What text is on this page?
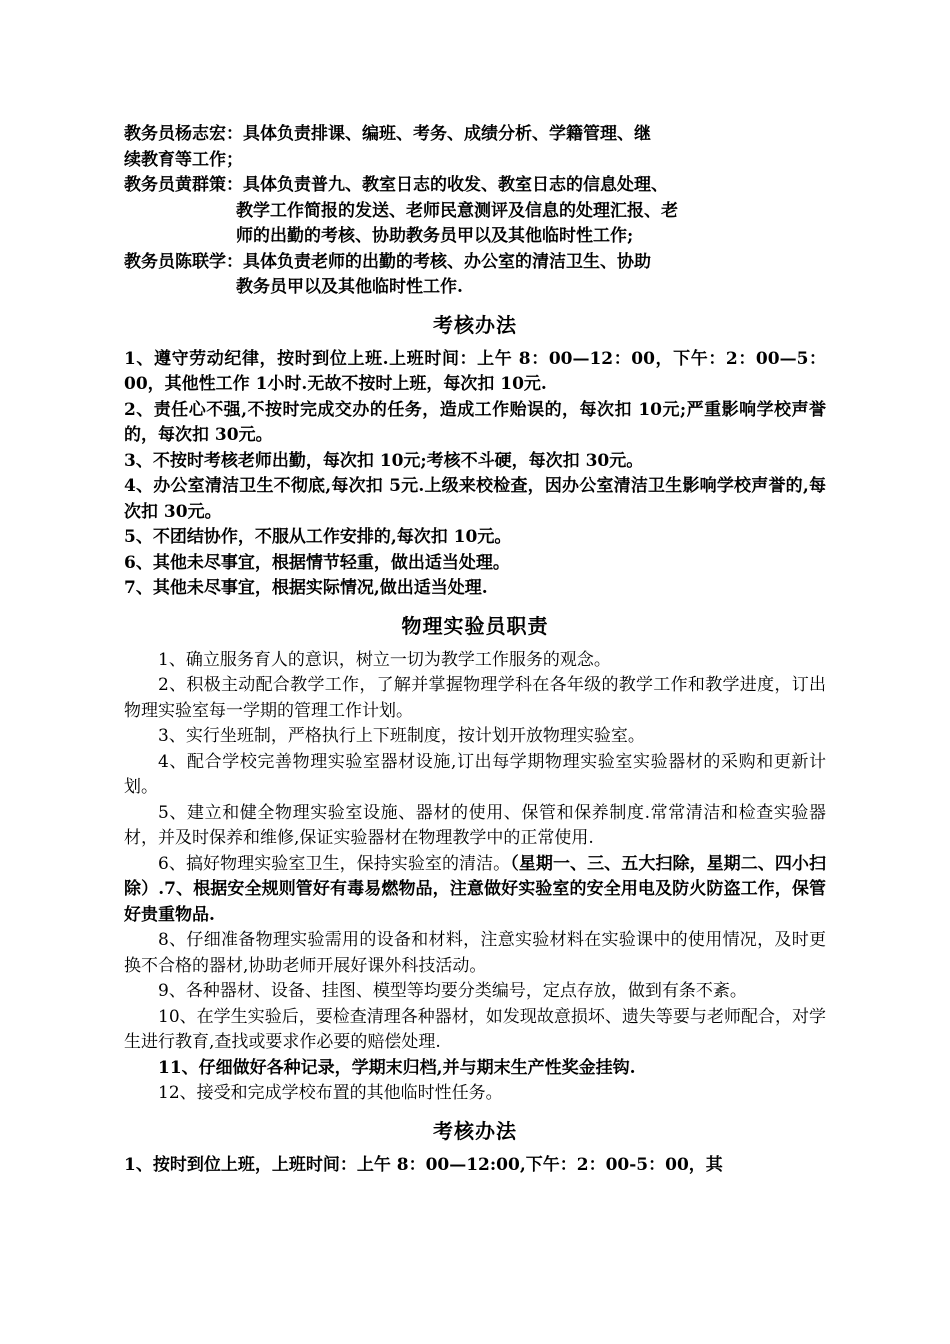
教务员杨志宏：具体负责排课、编班、考务、成绩分析、学籍管理、继
续教育等工作；

教务员黄群策：具体负责普九、教室日志的收发、教室日志的信息处理、
教学工作简报的发送、老师民意测评及信息的处理汇报、老
师的出勤的考核、协助教务员甲以及其他临时性工作;

教务员陈联学：具体负责老师的出勤的考核、办公室的清洁卫生、协助
教务员甲以及其他临时性工作.

考核办法

1、遵守劳动纪律，按时到位上班.上班时间：上午 8：00—12：00，下午：2：00—5：00，其他性工作 1小时.无故不按时上班，每次扣 10元.

2、责任心不强,不按时完成交办的任务，造成工作贻误的，每次扣 10元;严重影响学校声誉的，每次扣 30元。

3、不按时考核老师出勤，每次扣 10元;考核不斗硬，每次扣 30元。

4、办公室清洁卫生不彻底,每次扣 5元.上级来校检查，因办公室清洁卫生影响学校声誉的,每次扣 30元。

5、不团结协作，不服从工作安排的,每次扣 10元。

6、其他未尽事宜，根据情节轻重，做出适当处理。

7、其他未尽事宜，根据实际情况,做出适当处理.

物理实验员职责

1、确立服务育人的意识，树立一切为教学工作服务的观念。

2、积极主动配合教学工作，了解并掌握物理学科在各年级的教学工作和教学进度，订出物理实验室每一学期的管理工作计划。

3、实行坐班制，严格执行上下班制度，按计划开放物理实验室。

4、配合学校完善物理实验室器材设施,订出每学期物理实验室实验器材的采购和更新计划。

5、建立和健全物理实验室设施、器材的使用、保管和保养制度.常常清洁和检查实验器材，并及时保养和维修,保证实验器材在物理教学中的正常使用.

6、搞好物理实验室卫生，保持实验室的清洁。（星期一、三、五大扫除，星期二、四小扫除）.7、根据安全规则管好有毒易燃物品，注意做好实验室的安全用电及防火防盗工作，保管好贵重物品.

8、仔细准备物理实验需用的设备和材料，注意实验材料在实验课中的使用情况，及时更换不合格的器材,协助老师开展好课外科技活动。

9、各种器材、设备、挂图、模型等均要分类编号，定点存放，做到有条不紊。

10、在学生实验后，要检查清理各种器材，如发现故意损坏、遗失等要与老师配合，对学生进行教育,查找或要求作必要的赔偿处理.

11、仔细做好各种记录，学期末归档,并与期末生产性奖金挂钩.

12、接受和完成学校布置的其他临时性任务。

考核办法

1、按时到位上班，上班时间：上午 8：00—12:00,下午：2：00-5：00，其
